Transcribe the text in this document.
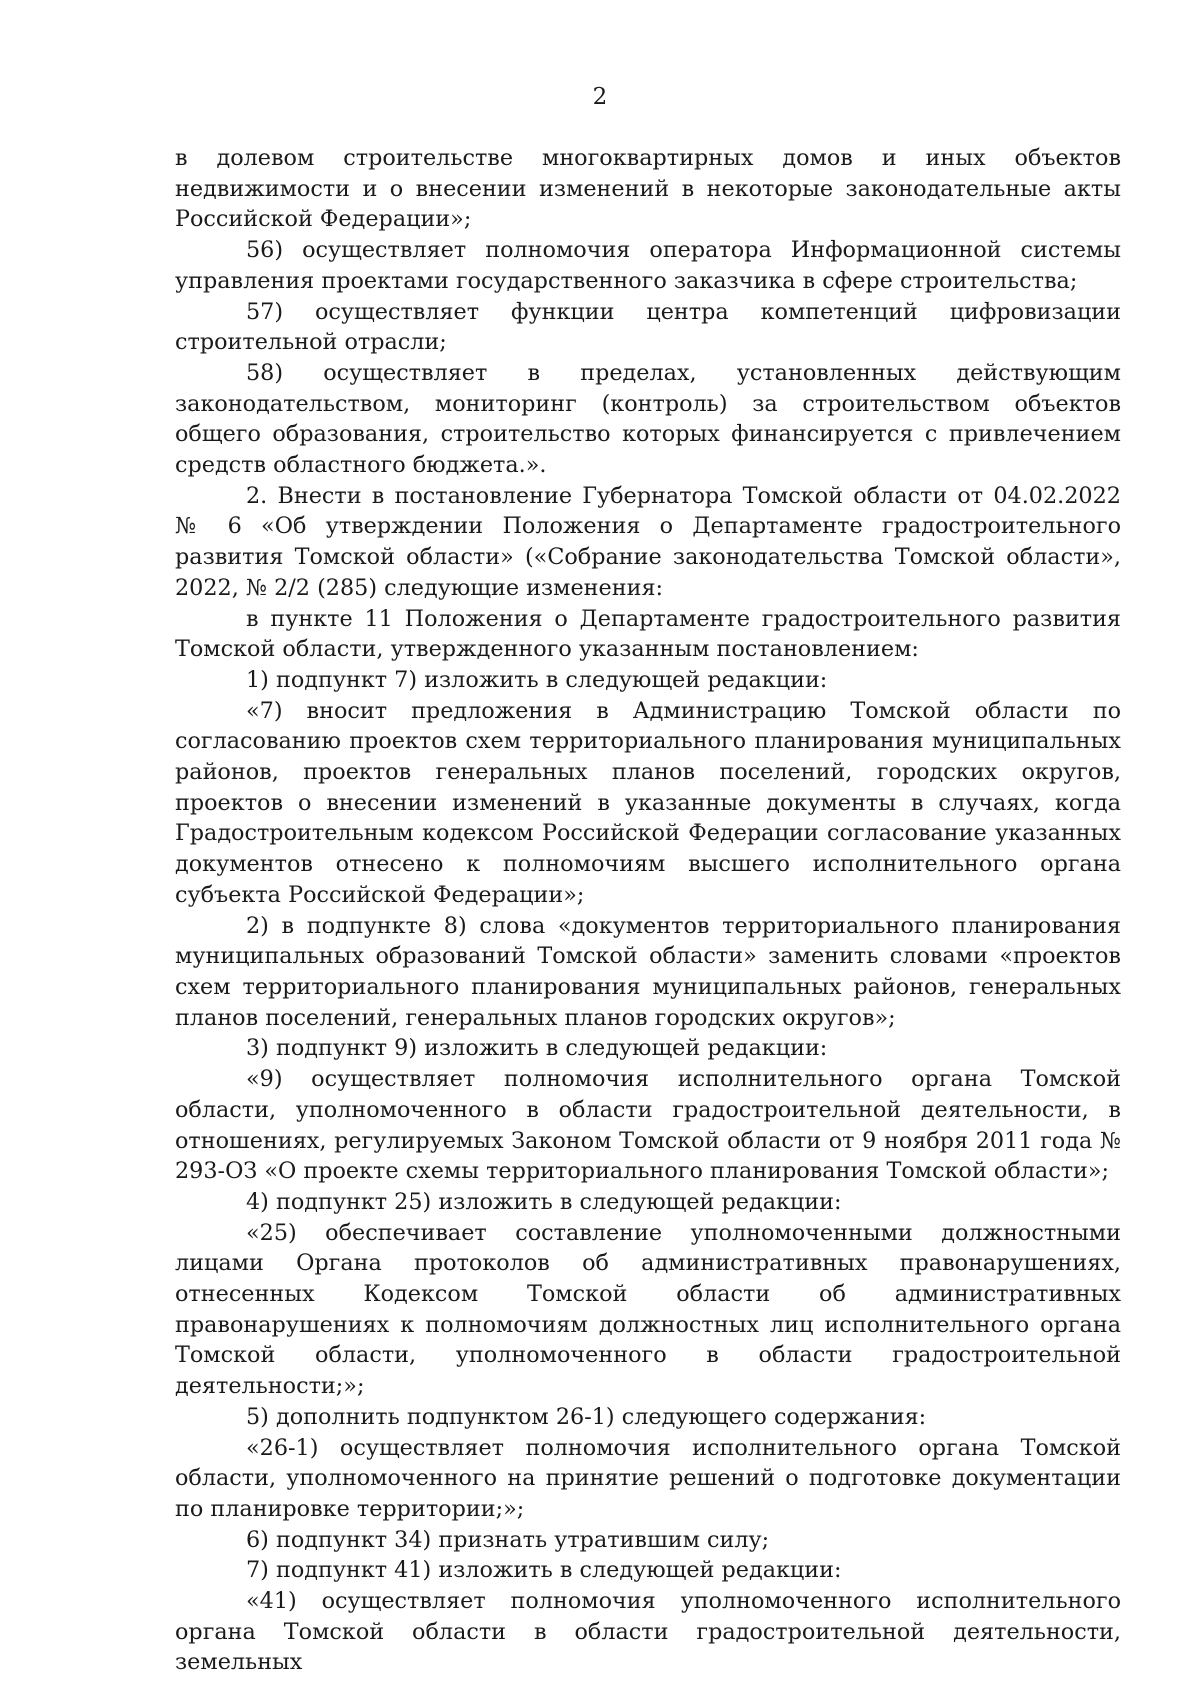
2

в долевом строительстве многоквартирных домов и иных объектов недвижимости и о внесении изменений в некоторые законодательные акты Российской Федерации»;

56) осуществляет полномочия оператора Информационной системы управления проектами государственного заказчика в сфере строительства;

57) осуществляет функции центра компетенций цифровизации строительной отрасли;

58) осуществляет в пределах, установленных действующим законодательством, мониторинг (контроль) за строительством объектов общего образования, строительство которых финансируется с привлечением средств областного бюджета.».

2. Внести в постановление Губернатора Томской области от 04.02.2022 № 6 «Об утверждении Положения о Департаменте градостроительного развития Томской области» («Собрание законодательства Томской области», 2022, № 2/2 (285) следующие изменения:

в пункте 11 Положения о Департаменте градостроительного развития Томской области, утвержденного указанным постановлением:

1) подпункт 7) изложить в следующей редакции:

«7) вносит предложения в Администрацию Томской области по согласованию проектов схем территориального планирования муниципальных районов, проектов генеральных планов поселений, городских округов, проектов о внесении изменений в указанные документы в случаях, когда Градостроительным кодексом Российской Федерации согласование указанных документов отнесено к полномочиям высшего исполнительного органа субъекта Российской Федерации»;

2) в подпункте 8) слова «документов территориального планирования муниципальных образований Томской области» заменить словами «проектов схем территориального планирования муниципальных районов, генеральных планов поселений, генеральных планов городских округов»;

3) подпункт 9) изложить в следующей редакции:

«9) осуществляет полномочия исполнительного органа Томской области, уполномоченного в области градостроительной деятельности, в отношениях, регулируемых Законом Томской области от 9 ноября 2011 года № 293-ОЗ «О проекте схемы территориального планирования Томской области»;

4) подпункт 25) изложить в следующей редакции:

«25) обеспечивает составление уполномоченными должностными лицами Органа протоколов об административных правонарушениях, отнесенных Кодексом Томской области об административных правонарушениях к полномочиям должностных лиц исполнительного органа Томской области, уполномоченного в области градостроительной деятельности;»;

5) дополнить подпунктом 26-1) следующего содержания:

«26-1) осуществляет полномочия исполнительного органа Томской области, уполномоченного на принятие решений о подготовке документации по планировке территории;»;

6) подпункт 34) признать утратившим силу;

7) подпункт 41) изложить в следующей редакции:

«41) осуществляет полномочия уполномоченного исполнительного органа Томской области в области градостроительной деятельности, земельных
